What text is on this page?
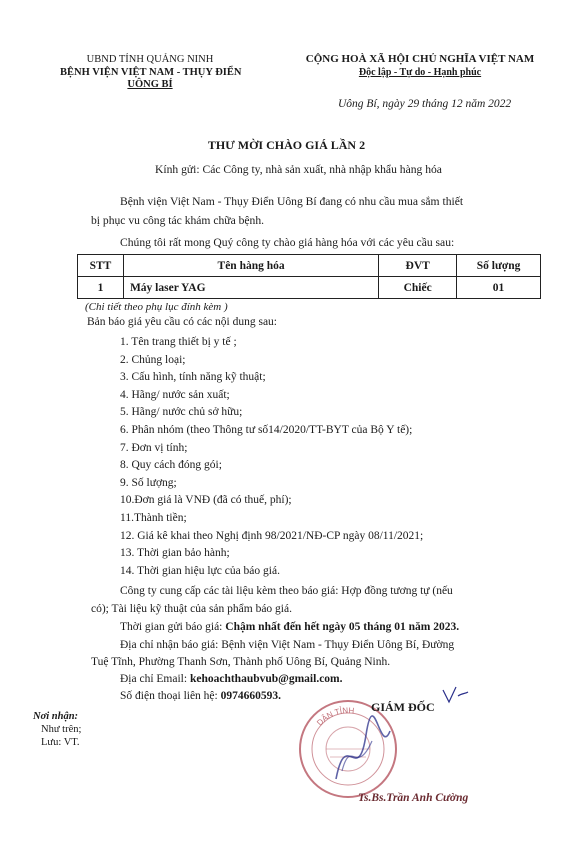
UBND TỈNH QUẢNG NINH
BỆNH VIỆN VIỆT NAM - THỤY ĐIỂN
UÔNG BÍ
CỘNG HOÀ XÃ HỘI CHỦ NGHĨA VIỆT NAM
Độc lập - Tự do - Hạnh phúc
Uông Bí, ngày 29 tháng 12 năm 2022
THƯ MỜI CHÀO GIÁ LẦN 2
Kính gửi: Các Công ty, nhà sản xuất, nhà nhập khẩu hàng hóa
Bệnh viện Việt Nam - Thụy Điển Uông Bí đang có nhu cầu mua sắm thiết
bị phục vu công tác khám chữa bệnh.
Chúng tôi rất mong Quý công ty chào giá hàng hóa với các yêu cầu sau:
STT	Tên hàng hóa	ĐVT	Số lượng
1	Máy laser YAG	Chiếc	01
(Chi tiết theo phụ lục đính kèm )
Bản báo giá yêu cầu có các nội dung sau:
1. Tên trang thiết bị y tế ;
2. Chủng loại;
3. Cấu hình, tính năng kỹ thuật;
4. Hãng/ nước sản xuất;
5. Hãng/ nước chủ sở hữu;
6. Phân nhóm (theo Thông tư số14/2020/TT-BYT của Bộ Y tế);
7. Đơn vị tính;
8. Quy cách đóng gói;
9. Số lượng;
10.Đơn giá là VNĐ (đã có thuế, phí);
11.Thành tiền;
12. Giá kê khai theo Nghị định 98/2021/NĐ-CP ngày 08/11/2021;
13. Thời gian bảo hành;
14. Thời gian hiệu lực của báo giá.
Công ty cung cấp các tài liệu kèm theo báo giá: Hợp đồng tương tự (nếu
có); Tài liệu kỹ thuật của sản phẩm báo giá.
Thời gian gửi báo giá: Chậm nhất đến hết ngày 05 tháng 01 năm 2023.
Địa chỉ nhận báo giá: Bệnh viện Việt Nam - Thụy Điển Uông Bí, Đường
Tuệ Tĩnh, Phường Thanh Sơn, Thành phố Uông Bí, Quảng Ninh.
Địa chỉ Email: kehoachthaubvub@gmail.com.
Số điện thoại liên hệ: 0974660593.
Nơi nhận:
Như trên;
Lưu: VT.
DÂN TỈNH GIÁM ĐỐC
Ts.Bs.Trần Anh Cường
